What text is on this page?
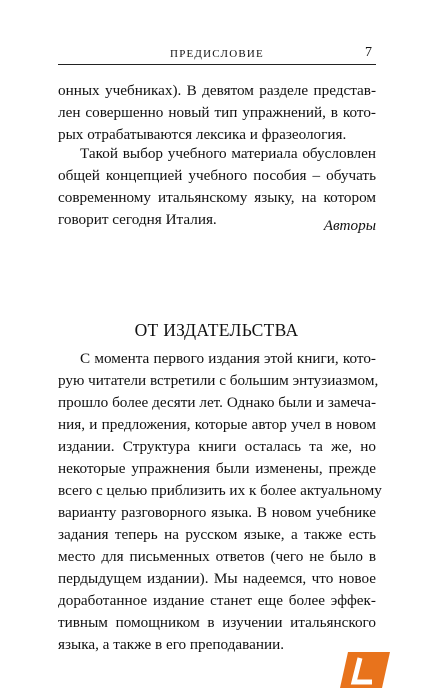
ПРЕДИСЛОВИЕ	7
онных учебниках). В девятом разделе представ-
лен совершенно новый тип упражнений, в кото-
рых отрабатываются лексика и фразеология.
Такой выбор учебного материала обусловлен
общей концепцией учебного пособия – обучать
современному итальянскому языку, на котором
говорит сегодня Италия.	Авторы
ОТ ИЗДАТЕЛЬСТВА
С момента первого издания этой книги, кото-
рую читатели встретили с большим энтузиазмом,
прошло более десяти лет. Однако были и замеча-
ния, и предложения, которые автор учел в новом
издании. Структура книги осталась та же, но
некоторые упражнения были изменены, прежде
всего с целью приблизить их к более актуальному
варианту разговорного языка. В новом учебнике
задания теперь на русском языке, а также есть
место для письменных ответов (чего не было в
пердыдущем издании). Мы надеемся, что новое
доработанное издание станет еще более эффек-
тивным помощником в изучении итальянского
языка, а также в его преподавании.
